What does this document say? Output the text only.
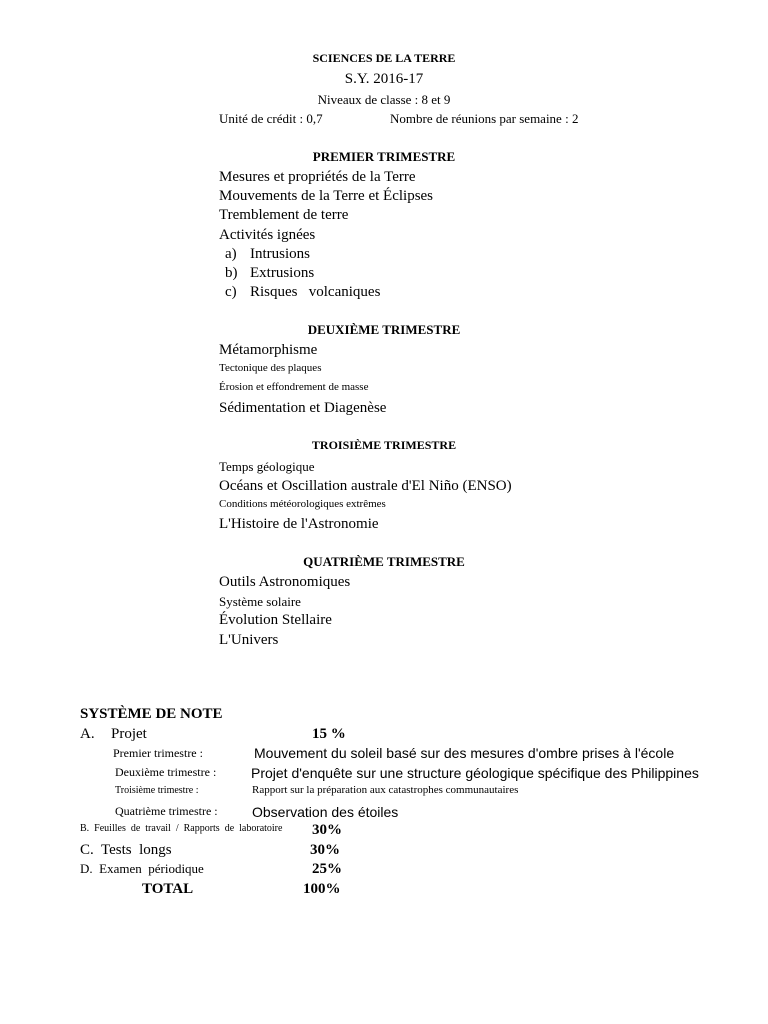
SCIENCES DE LA TERRE
S.Y. 2016-17
Niveaux de classe : 8 et 9
Unité de crédit : 0,7	Nombre de réunions par semaine : 2
PREMIER TRIMESTRE
Mesures et propriétés de la Terre
Mouvements de la Terre et Éclipses
Tremblement de terre
Activités ignées
a) Intrusions
b) Extrusions
c) Risques   volcaniques
DEUXIÈME TRIMESTRE
Métamorphisme
Tectonique des plaques
Érosion et effondrement de masse
Sédimentation et Diagenèse
TROISIÈME TRIMESTRE
Temps géologique
Océans et Oscillation australe d'El Niño (ENSO)
Conditions météorologiques extrêmes
L'Histoire de l'Astronomie
QUATRIÈME TRIMESTRE
Outils Astronomiques
Système solaire
Évolution Stellaire
L'Univers
SYSTÈME DE NOTE
A. Projet	15 %
Premier trimestre :	Mouvement du soleil basé sur des mesures d'ombre prises à l'école
Deuxième trimestre : Projet d'enquête sur une structure géologique spécifique des Philippines
Troisième trimestre :	Rapport sur la préparation aux catastrophes communautaires
Quatrième trimestre : Observation des étoiles
B.  Feuilles  de  travail  /  Rapports  de  laboratoire 30%
C.  Tests  longs	30%
D.  Examen  périodique	25%
TOTAL	100%
